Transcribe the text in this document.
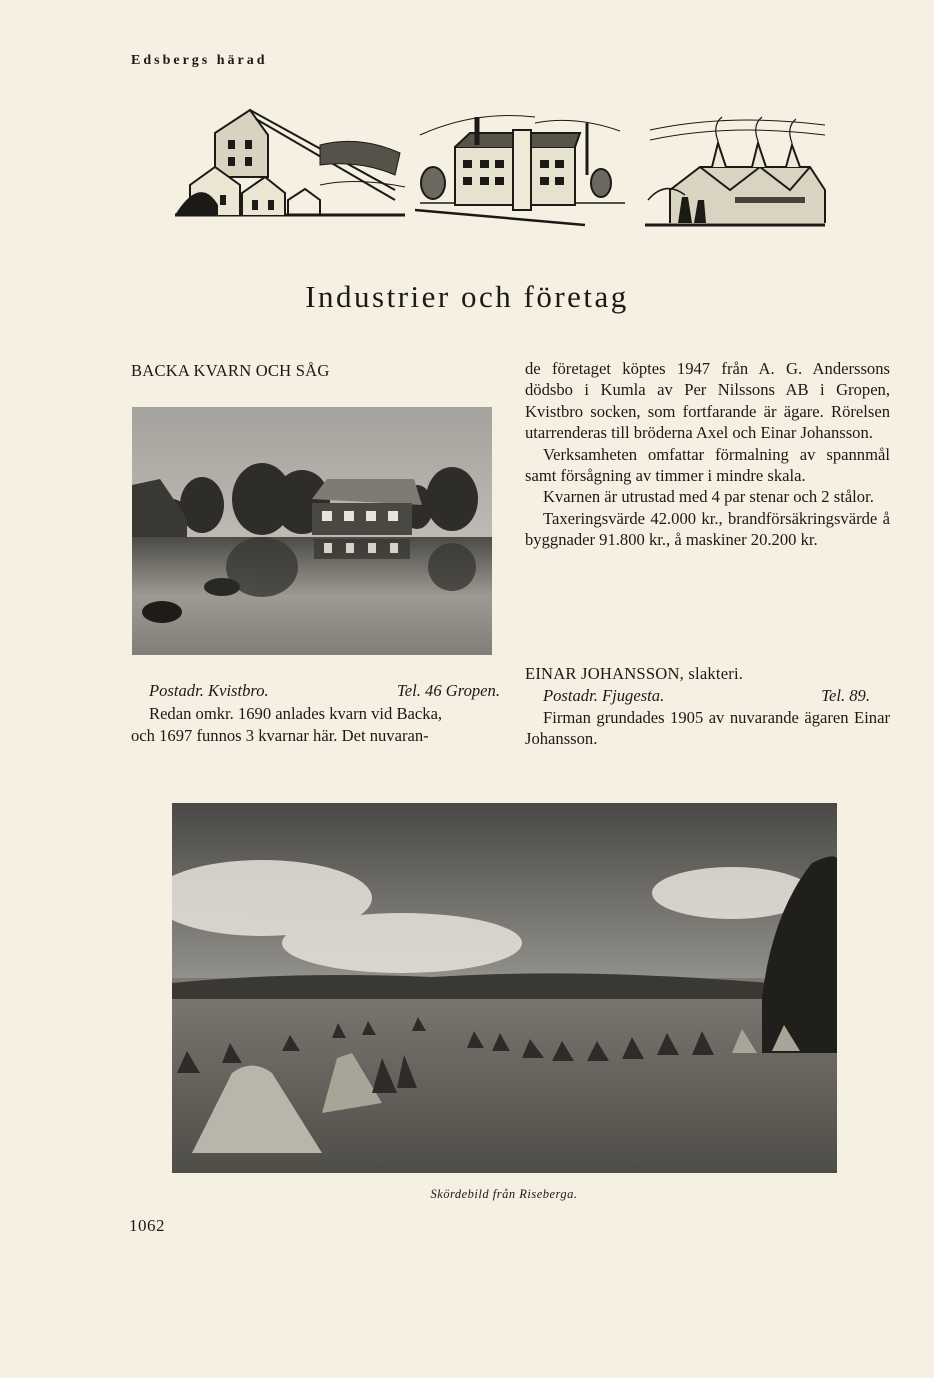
Edsbergs härad
Industrier och företag

BACKA KVARN OCH SÅG

Postadr. Kvistbro.	Tel. 46 Gropen.

Redan omkr. 1690 anlades kvarn vid Backa,

och 1697 funnos 3 kvarnar här. Det nuvaran-

de företaget köptes 1947 från A. G. Anderssons dödsbo i Kumla av Per Nilssons AB i Gropen, Kvistbro socken, som fortfarande är ägare. Rörelsen utarrenderas till bröderna Axel och Einar Johansson.

Verksamheten omfattar förmalning av spannmål samt försågning av timmer i mindre skala.

Kvarnen är utrustad med 4 par stenar och 2 stålor.

Taxeringsvärde 42.000 kr., brandförsäkringsvärde å byggnader 91.800 kr., å maskiner 20.200 kr.

EINAR JOHANSSON, slakteri.

Postadr. Fjugesta.	Tel. 89.

Firman grundades 1905 av nuvarande ägaren Einar Johansson.

Skördebild från Riseberga.
1062
